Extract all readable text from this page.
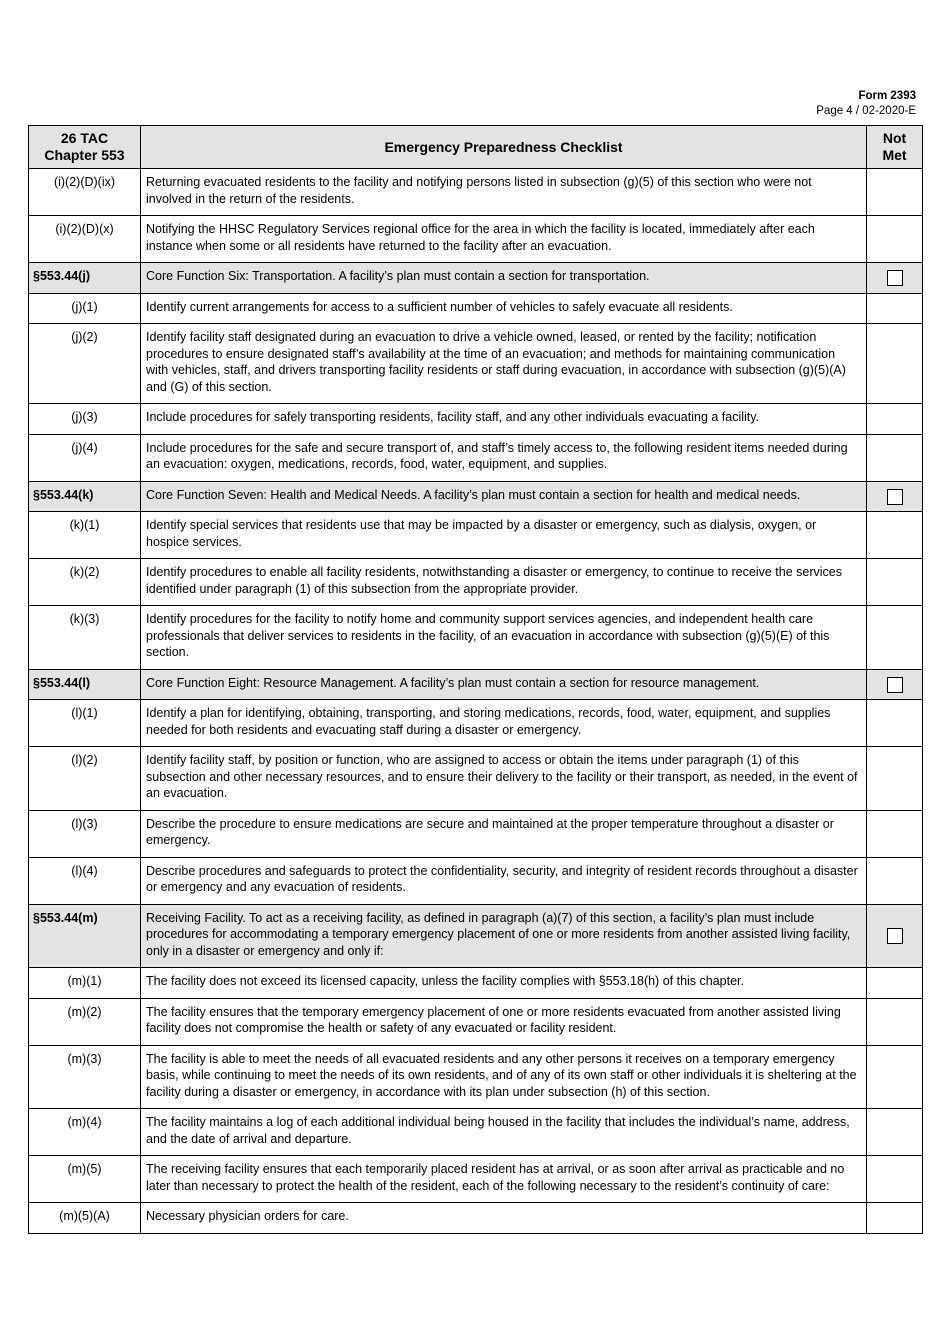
Form 2393
Page 4 / 02-2020-E
26 TAC Chapter 553	Emergency Preparedness Checklist	Not Met
(i)(2)(D)(ix)	Returning evacuated residents to the facility and notifying persons listed in subsection (g)(5) of this section who were not involved in the return of the residents.	
(i)(2)(D)(x)	Notifying the HHSC Regulatory Services regional office for the area in which the facility is located, immediately after each instance when some or all residents have returned to the facility after an evacuation.	
§553.44(j)	Core Function Six: Transportation. A facility’s plan must contain a section for transportation.	
(j)(1)	Identify current arrangements for access to a sufficient number of vehicles to safely evacuate all residents.	
(j)(2)	Identify facility staff designated during an evacuation to drive a vehicle owned, leased, or rented by the facility; notification procedures to ensure designated staff’s availability at the time of an evacuation; and methods for maintaining communication with vehicles, staff, and drivers transporting facility residents or staff during evacuation, in accordance with subsection (g)(5)(A) and (G) of this section.	
(j)(3)	Include procedures for safely transporting residents, facility staff, and any other individuals evacuating a facility.	
(j)(4)	Include procedures for the safe and secure transport of, and staff’s timely access to, the following resident items needed during an evacuation: oxygen, medications, records, food, water, equipment, and supplies.	
§553.44(k)	Core Function Seven: Health and Medical Needs. A facility’s plan must contain a section for health and medical needs.	
(k)(1)	Identify special services that residents use that may be impacted by a disaster or emergency, such as dialysis, oxygen, or hospice services.	
(k)(2)	Identify procedures to enable all facility residents, notwithstanding a disaster or emergency, to continue to receive the services identified under paragraph (1) of this subsection from the appropriate provider.	
(k)(3)	Identify procedures for the facility to notify home and community support services agencies, and independent health care professionals that deliver services to residents in the facility, of an evacuation in accordance with subsection (g)(5)(E) of this section.	
§553.44(l)	Core Function Eight: Resource Management. A facility’s plan must contain a section for resource management.	
(l)(1)	Identify a plan for identifying, obtaining, transporting, and storing medications, records, food, water, equipment, and supplies needed for both residents and evacuating staff during a disaster or emergency.	
(l)(2)	Identify facility staff, by position or function, who are assigned to access or obtain the items under paragraph (1) of this subsection and other necessary resources, and to ensure their delivery to the facility or their transport, as needed, in the event of an evacuation.	
(l)(3)	Describe the procedure to ensure medications are secure and maintained at the proper temperature throughout a disaster or emergency.	
(l)(4)	Describe procedures and safeguards to protect the confidentiality, security, and integrity of resident records throughout a disaster or emergency and any evacuation of residents.	
§553.44(m)	Receiving Facility. To act as a receiving facility, as defined in paragraph (a)(7) of this section, a facility’s plan must include procedures for accommodating a temporary emergency placement of one or more residents from another assisted living facility, only in a disaster or emergency and only if:	
(m)(1)	The facility does not exceed its licensed capacity, unless the facility complies with §553.18(h) of this chapter.	
(m)(2)	The facility ensures that the temporary emergency placement of one or more residents evacuated from another assisted living facility does not compromise the health or safety of any evacuated or facility resident.	
(m)(3)	The facility is able to meet the needs of all evacuated residents and any other persons it receives on a temporary emergency basis, while continuing to meet the needs of its own residents, and of any of its own staff or other individuals it is sheltering at the facility during a disaster or emergency, in accordance with its plan under subsection (h) of this section.	
(m)(4)	The facility maintains a log of each additional individual being housed in the facility that includes the individual’s name, address, and the date of arrival and departure.	
(m)(5)	The receiving facility ensures that each temporarily placed resident has at arrival, or as soon after arrival as practicable and no later than necessary to protect the health of the resident, each of the following necessary to the resident’s continuity of care:	
(m)(5)(A)	Necessary physician orders for care.	
